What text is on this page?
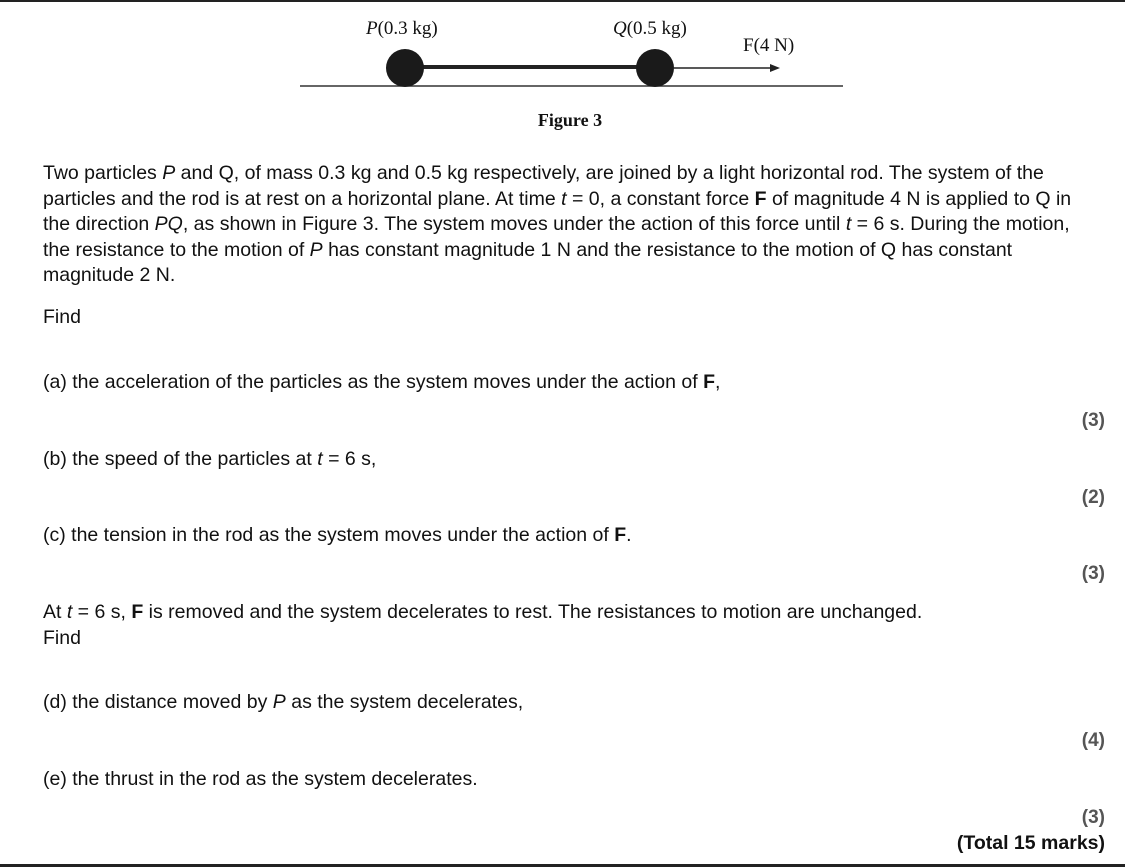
P(0.3 kg)	Q(0.5 kg)
F(4 N)
Figure 3
Two particles P and Q, of mass 0.3 kg and 0.5 kg respectively, are joined by a light horizontal rod. The system of the particles and the rod is at rest on a horizontal plane. At time t = 0, a constant force F of magnitude 4 N is applied to Q in the direction PQ, as shown in Figure 3. The system moves under the action of this force until t = 6 s. During the motion, the resistance to the motion of P has constant magnitude 1 N and the resistance to the motion of Q has constant magnitude 2 N.
Find
(a) the acceleration of the particles as the system moves under the action of F,
(3)
(b) the speed of the particles at t = 6 s,
(2)
(c) the tension in the rod as the system moves under the action of F.
(3)
At t = 6 s, F is removed and the system decelerates to rest. The resistances to motion are unchanged.
Find
(d) the distance moved by P as the system decelerates,
(4)
(e) the thrust in the rod as the system decelerates.
(3)
(Total 15 marks)
